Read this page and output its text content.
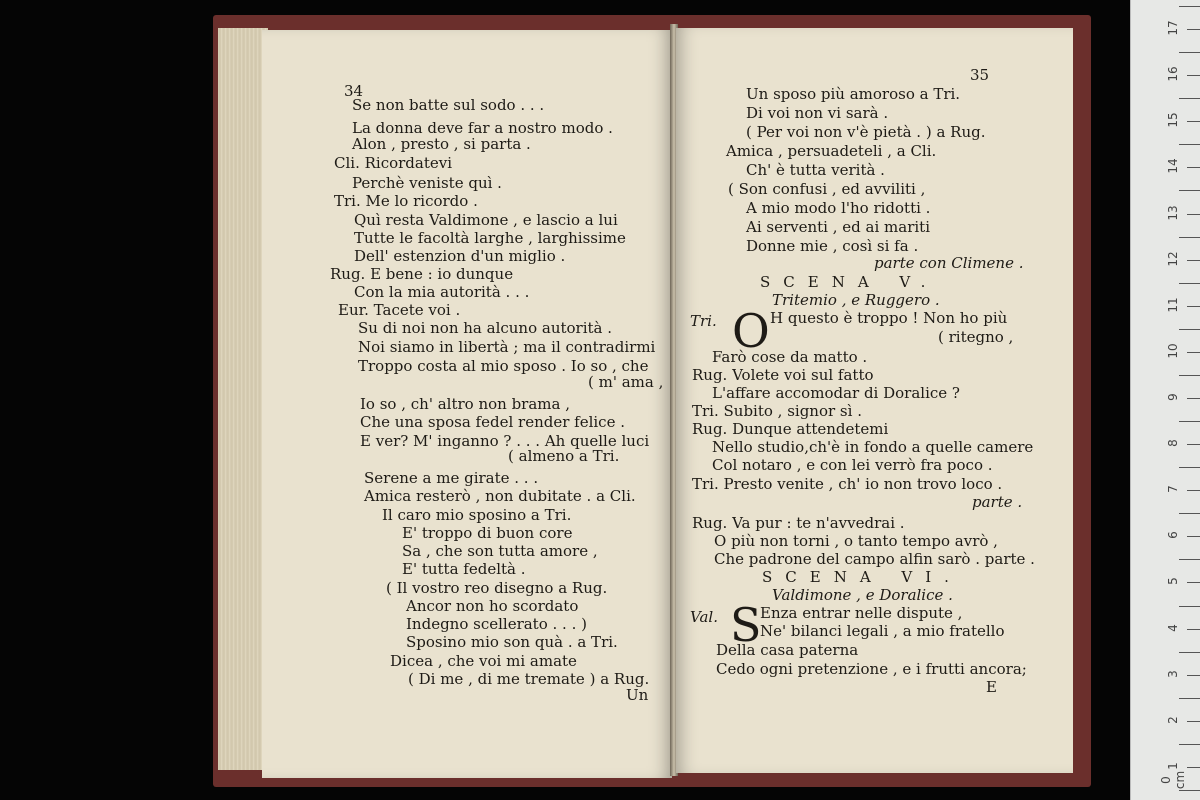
34
Se non batte sul sodo . . .
La donna deve far a nostro modo .
Alon , presto , si parta .
Cli. Ricordatevi
Perchè veniste quì .
Tri. Me lo ricordo .
Quì resta Valdimone , e lascio a lui
Tutte le facoltà larghe , larghissime
Dell' estenzion d'un miglio .
Rug. E bene : io dunque
Con la mia autorità . . .
Eur. Tacete voi .
Su di noi non ha alcuno autorità .
Noi siamo in libertà ; ma il contradirmi
Troppo costa al mio sposo . Io so , che
( m' ama ,
Io so , ch' altro non brama ,
Che una sposa fedel render felice .
E ver? M' inganno ? . . . Ah quelle luci
( almeno a Tri.
Serene a me girate . . .
Amica resterò , non dubitate . a Cli.
Il caro mio sposino a Tri.
E' troppo di buon core
Sa , che son tutta amore ,
E' tutta fedeltà .
( Il vostro reo disegno a Rug.
Ancor non ho scordato
Indegno scellerato . . . )
Sposino mio son quà . a Tri.
Dicea , che voi mi amate
( Di me , di me tremate ) a Rug.
Un
35
Un sposo più amoroso a Tri.
Di voi non vi sarà .
( Per voi non v'è pietà . ) a Rug.
Amica , persuadeteli , a Cli.
Ch' è tutta verità .
( Son confusi , ed avviliti ,
A mio modo l'ho ridotti .
Ai serventi , ed ai mariti
Donne mie , così si fa .
parte con Climene .
SCENA V.
Tritemio , e Ruggero .
Tri. O H questo è troppo ! Non ho più
( ritegno ,
Farò cose da matto .
Rug. Volete voi sul fatto
L'affare accomodar di Doralice ?
Tri. Subito , signor sì .
Rug. Dunque attendetemi
Nello studio,ch'è in fondo a quelle camere
Col notaro , e con lei verrò fra poco .
Tri. Presto venite , ch' io non trovo loco .
parte .
Rug. Va pur : te n'avvedrai .
O più non torni , o tanto tempo avrò ,
Che padrone del campo alfin sarò . parte .
SCENA VI.
Valdimone , e Doralice .
Val. S
Enza entrar nelle dispute ,
Ne' bilanci legali , a mio fratello
Della casa paterna
Cedo ogni pretenzione , e i frutti ancora;
E
17
16
15
14
13
12
11
10
9
8
7
6
5
4
3
2
1
0 cm
